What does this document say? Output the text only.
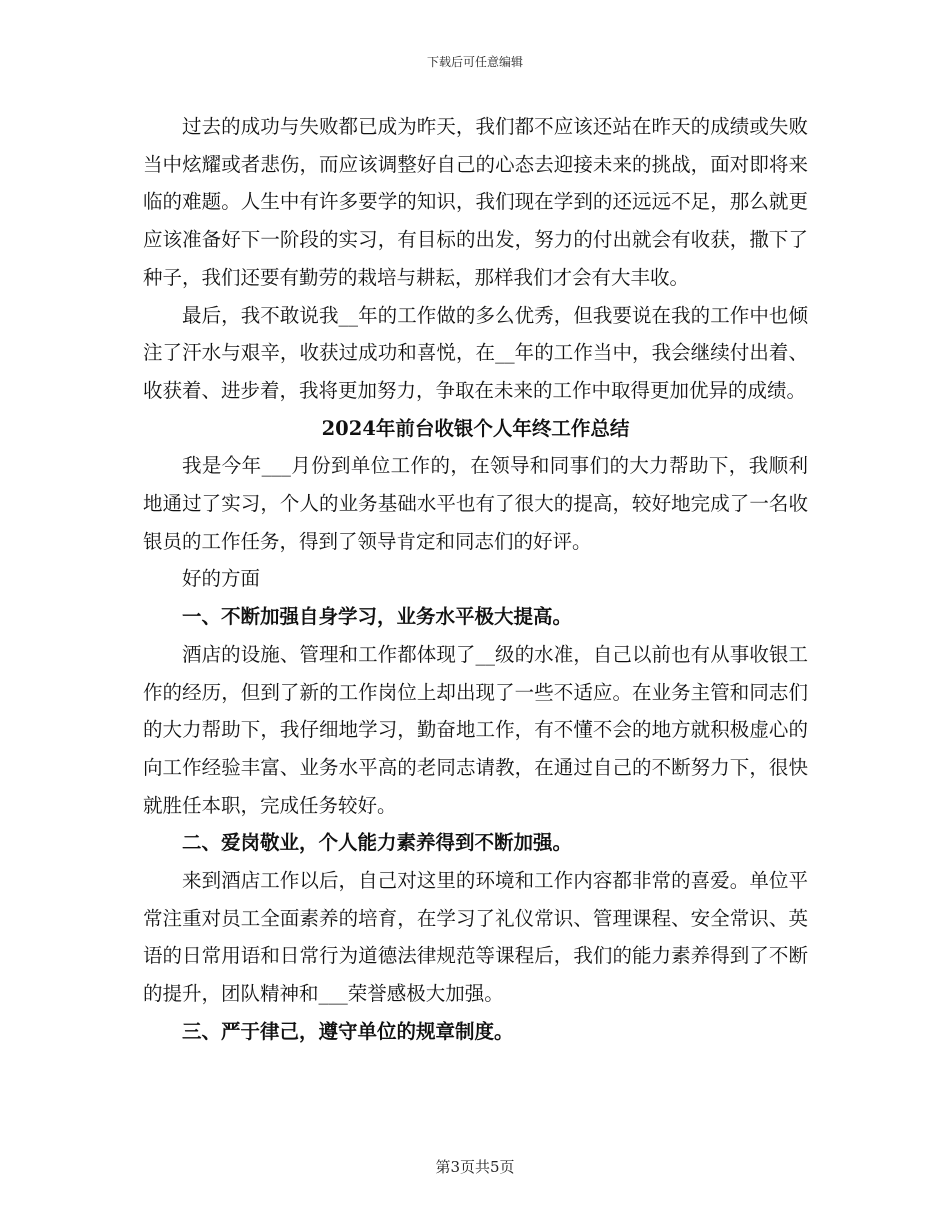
下载后可任意编辑

过去的成功与失败都已成为昨天，我们都不应该还站在昨天的成绩或失败当中炫耀或者悲伤，而应该调整好自己的心态去迎接未来的挑战，面对即将来临的难题。人生中有许多要学的知识，我们现在学到的还远远不足，那么就更应该准备好下一阶段的实习，有目标的出发，努力的付出就会有收获，撒下了种子，我们还要有勤劳的栽培与耕耘，那样我们才会有大丰收。

最后，我不敢说我__年的工作做的多么优秀，但我要说在我的工作中也倾注了汗水与艰辛，收获过成功和喜悦，在__年的工作当中，我会继续付出着、收获着、进步着，我将更加努力，争取在未来的工作中取得更加优异的成绩。

2024年前台收银个人年终工作总结

我是今年___月份到单位工作的，在领导和同事们的大力帮助下，我顺利地通过了实习，个人的业务基础水平也有了很大的提高，较好地完成了一名收银员的工作任务，得到了领导肯定和同志们的好评。

好的方面

一、不断加强自身学习，业务水平极大提高。

酒店的设施、管理和工作都体现了__级的水准，自己以前也有从事收银工作的经历，但到了新的工作岗位上却出现了一些不适应。在业务主管和同志们的大力帮助下，我仔细地学习，勤奋地工作，有不懂不会的地方就积极虚心的向工作经验丰富、业务水平高的老同志请教，在通过自己的不断努力下，很快就胜任本职，完成任务较好。

二、爱岗敬业，个人能力素养得到不断加强。

来到酒店工作以后，自己对这里的环境和工作内容都非常的喜爱。单位平常注重对员工全面素养的培育，在学习了礼仪常识、管理课程、安全常识、英语的日常用语和日常行为道德法律规范等课程后，我们的能力素养得到了不断的提升，团队精神和___荣誉感极大加强。

三、严于律己，遵守单位的规章制度。

第3页共5页
